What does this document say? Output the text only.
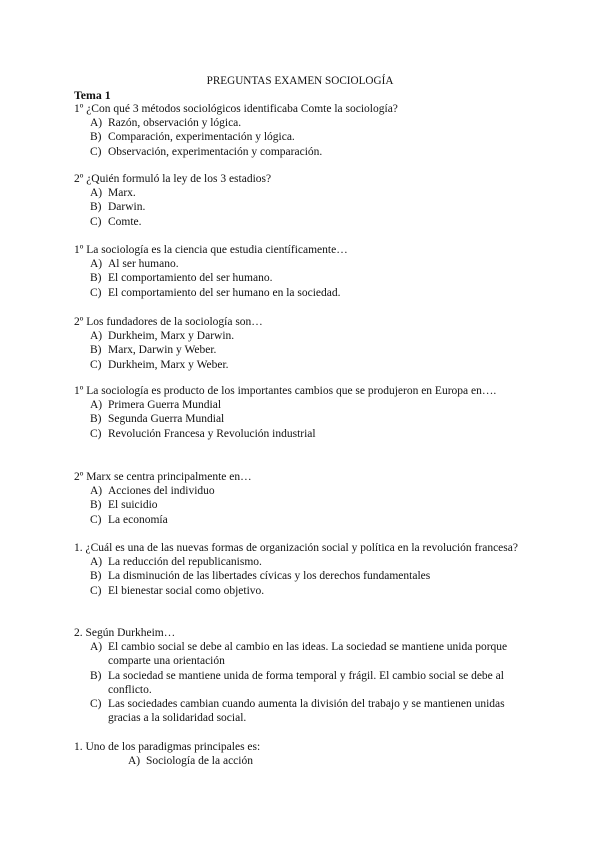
PREGUNTAS EXAMEN SOCIOLOGÍA
Tema 1

1º ¿Con qué 3 métodos sociológicos identificaba Comte la sociología?

A) Razón, observación y lógica.
B) Comparación, experimentación y lógica.
C) Observación, experimentación y comparación.

2º ¿Quién formuló la ley de los 3 estadios?

A) Marx.
B) Darwin.
C) Comte.

1º La sociología es la ciencia que estudia científicamente…

A) Al ser humano.
B) El comportamiento del ser humano.
C) El comportamiento del ser humano en la sociedad.

2º Los fundadores de la sociología son…

A) Durkheim, Marx y Darwin.
B) Marx, Darwin y Weber.
C) Durkheim, Marx y Weber.

1º La sociología es producto de los importantes cambios que se produjeron en Europa en….

A) Primera Guerra Mundial
B) Segunda Guerra Mundial
C) Revolución Francesa y Revolución industrial

2º Marx se centra principalmente en…

A) Acciones del individuo
B) El suicidio
C) La economía

1. ¿Cuál es una de las nuevas formas de organización social y política en la revolución francesa?

A) La reducción del republicanismo.
B) La disminución de las libertades cívicas y los derechos fundamentales
C) El bienestar social como objetivo.

2. Según Durkheim…

A) El cambio social se debe al cambio en las ideas. La sociedad se mantiene unida porque comparte una orientación
B) La sociedad se mantiene unida de forma temporal y frágil. El cambio social se debe al conflicto.
C) Las sociedades cambian cuando aumenta la división del trabajo y se mantienen unidas gracias a la solidaridad social.

1. Uno de los paradigmas principales es:

A) Sociología de la acción
